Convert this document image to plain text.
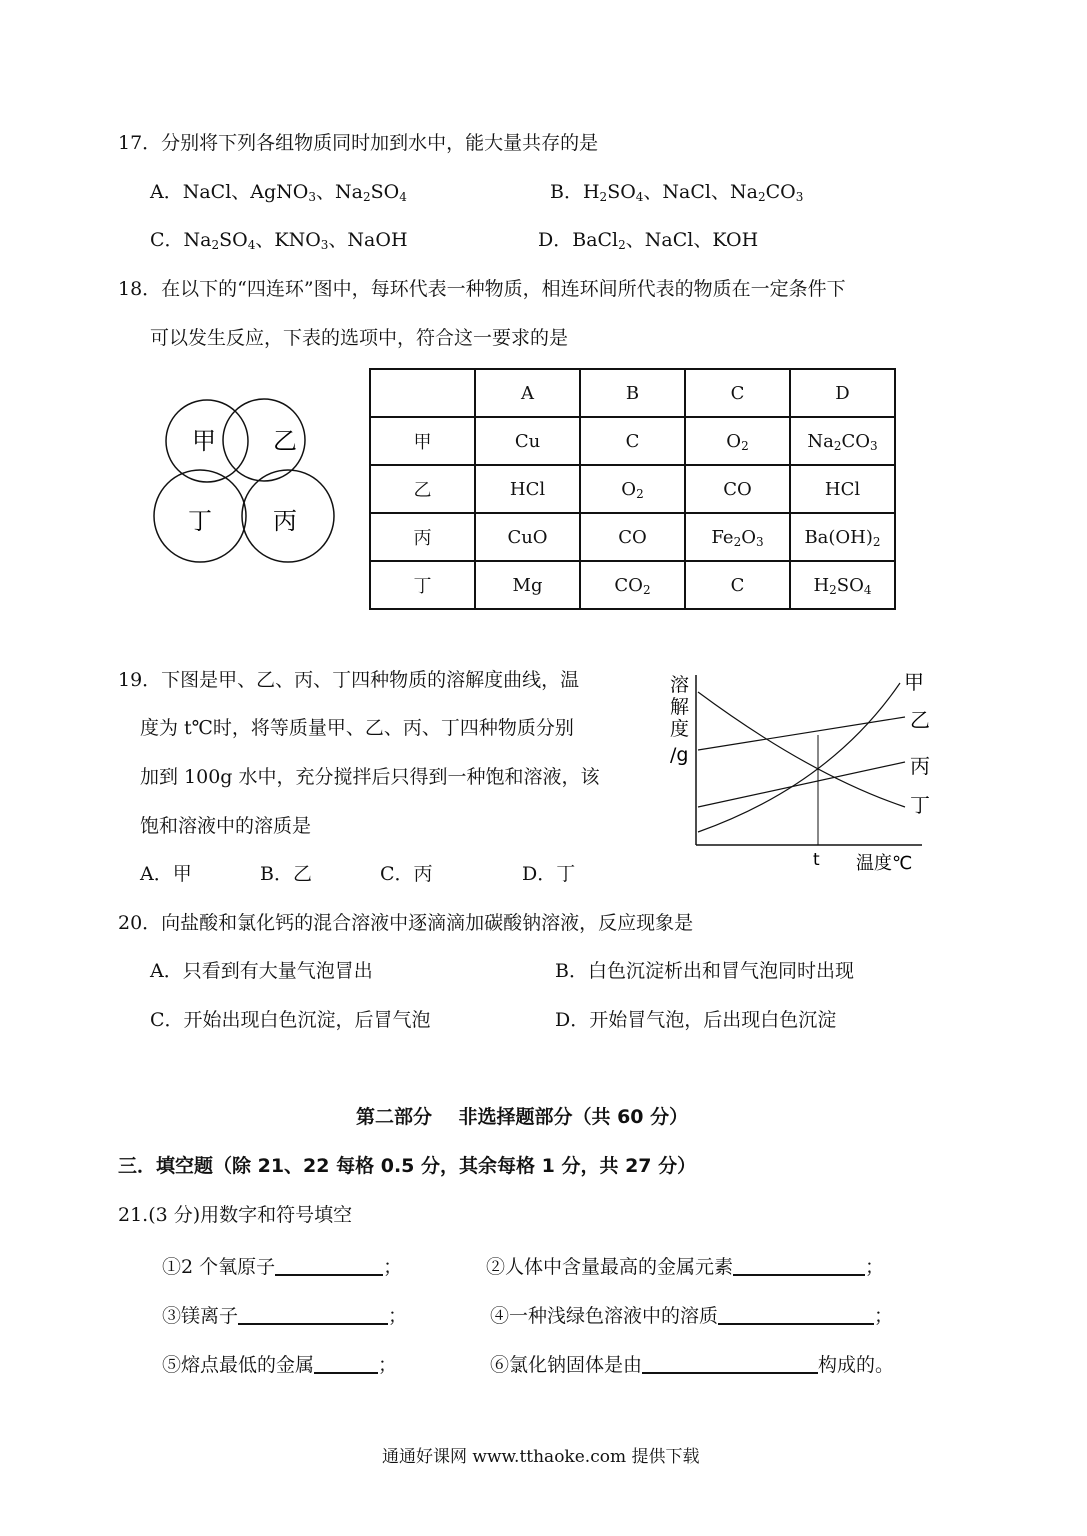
17．分别将下列各组物质同时加到水中，能大量共存的是
A．NaCl、AgNO$_3$、$Na_2SO_4$	B．$H_2SO_4$、NaCl、$Na_2CO_3$
C．$Na_2SO_4$、$KNO_3$、NaOH	D．BaCl$_2$、NaCl、KOH
18．在以下的“四连环”图中，每环代表一种物质，相连环间所代表的物质在一定条件下
可以发生反应，下表的选项中，符合这一要求的是
甲 乙
丁	丙
	A	B	C	D
甲	Cu	C	$O_2$	$Na_2CO_3$
乙	HCl	$O_2$	CO	HCl
丙	CuO	CO	$Fe_2O_3$	$Ba(OH)_2$
丁	Mg	$CO_2$	C	$H_2SO_4$
19．下图是甲、乙、丙、丁四种物质的溶解度曲线，温
度为 t℃时，将等质量甲、乙、丙、丁四种物质分别
加到 100g 水中，充分搅拌后只得到一种饱和溶液，该
饱和溶液中的溶质是
A．甲	B．乙	C．丙	D．丁
溶
解
度
/g
甲
乙
丙
丁
t 温度℃
20．向盐酸和氯化钙的混合溶液中逐滴滴加碳酸钠溶液，反应现象是
A．只看到有大量气泡冒出	B．白色沉淀析出和冒气泡同时出现
C．开始出现白色沉淀，后冒气泡	D．开始冒气泡，后出现白色沉淀
第二部分    非选择题部分（共 60 分）
三．填空题（除 21、22 每格 0.5 分，其余每格 1 分，共 27 分）
21.(3 分)用数字和符号填空
①2 个氧原子	；	②人体中含量最高的金属元素	；
③镁离子	；	④一种浅绿色溶液中的溶质	；
⑤熔点最低的金属	；	⑥氯化钠固体是由	构成的。
通通好课网 www.tthaoke.com 提供下载
